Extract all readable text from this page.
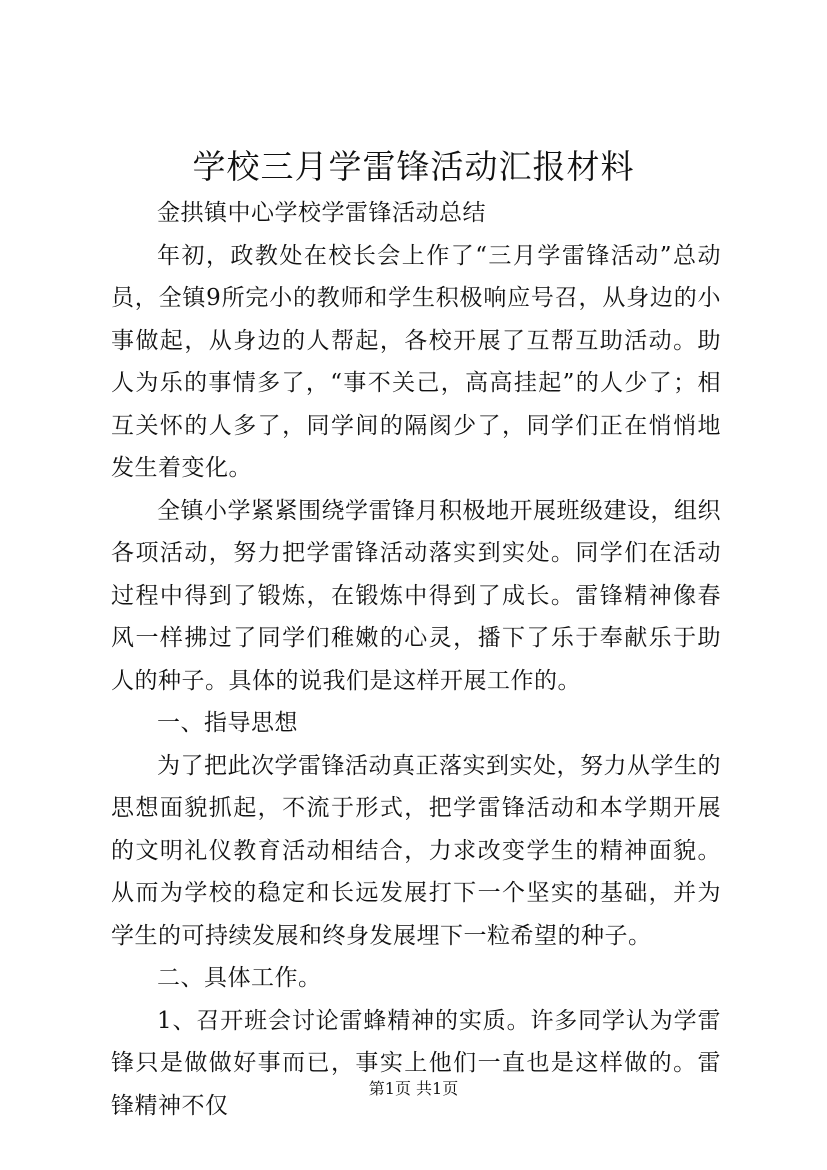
学校三月学雷锋活动汇报材料

金拱镇中心学校学雷锋活动总结

年初，政教处在校长会上作了“三月学雷锋活动”总动员，全镇9所完小的教师和学生积极响应号召，从身边的小事做起，从身边的人帮起，各校开展了互帮互助活动。助人为乐的事情多了，“事不关己，高高挂起”的人少了；相互关怀的人多了，同学间的隔阂少了，同学们正在悄悄地发生着变化。

全镇小学紧紧围绕学雷锋月积极地开展班级建设，组织各项活动，努力把学雷锋活动落实到实处。同学们在活动过程中得到了锻炼，在锻炼中得到了成长。雷锋精神像春风一样拂过了同学们稚嫩的心灵，播下了乐于奉献乐于助人的种子。具体的说我们是这样开展工作的。

一、指导思想

为了把此次学雷锋活动真正落实到实处，努力从学生的思想面貌抓起，不流于形式，把学雷锋活动和本学期开展的文明礼仪教育活动相结合，力求改变学生的精神面貌。从而为学校的稳定和长远发展打下一个坚实的基础，并为学生的可持续发展和终身发展埋下一粒希望的种子。

二、具体工作。

1、召开班会讨论雷蜂精神的实质。许多同学认为学雷锋只是做做好事而已，事实上他们一直也是这样做的。雷锋精神不仅

第1页 共1页
